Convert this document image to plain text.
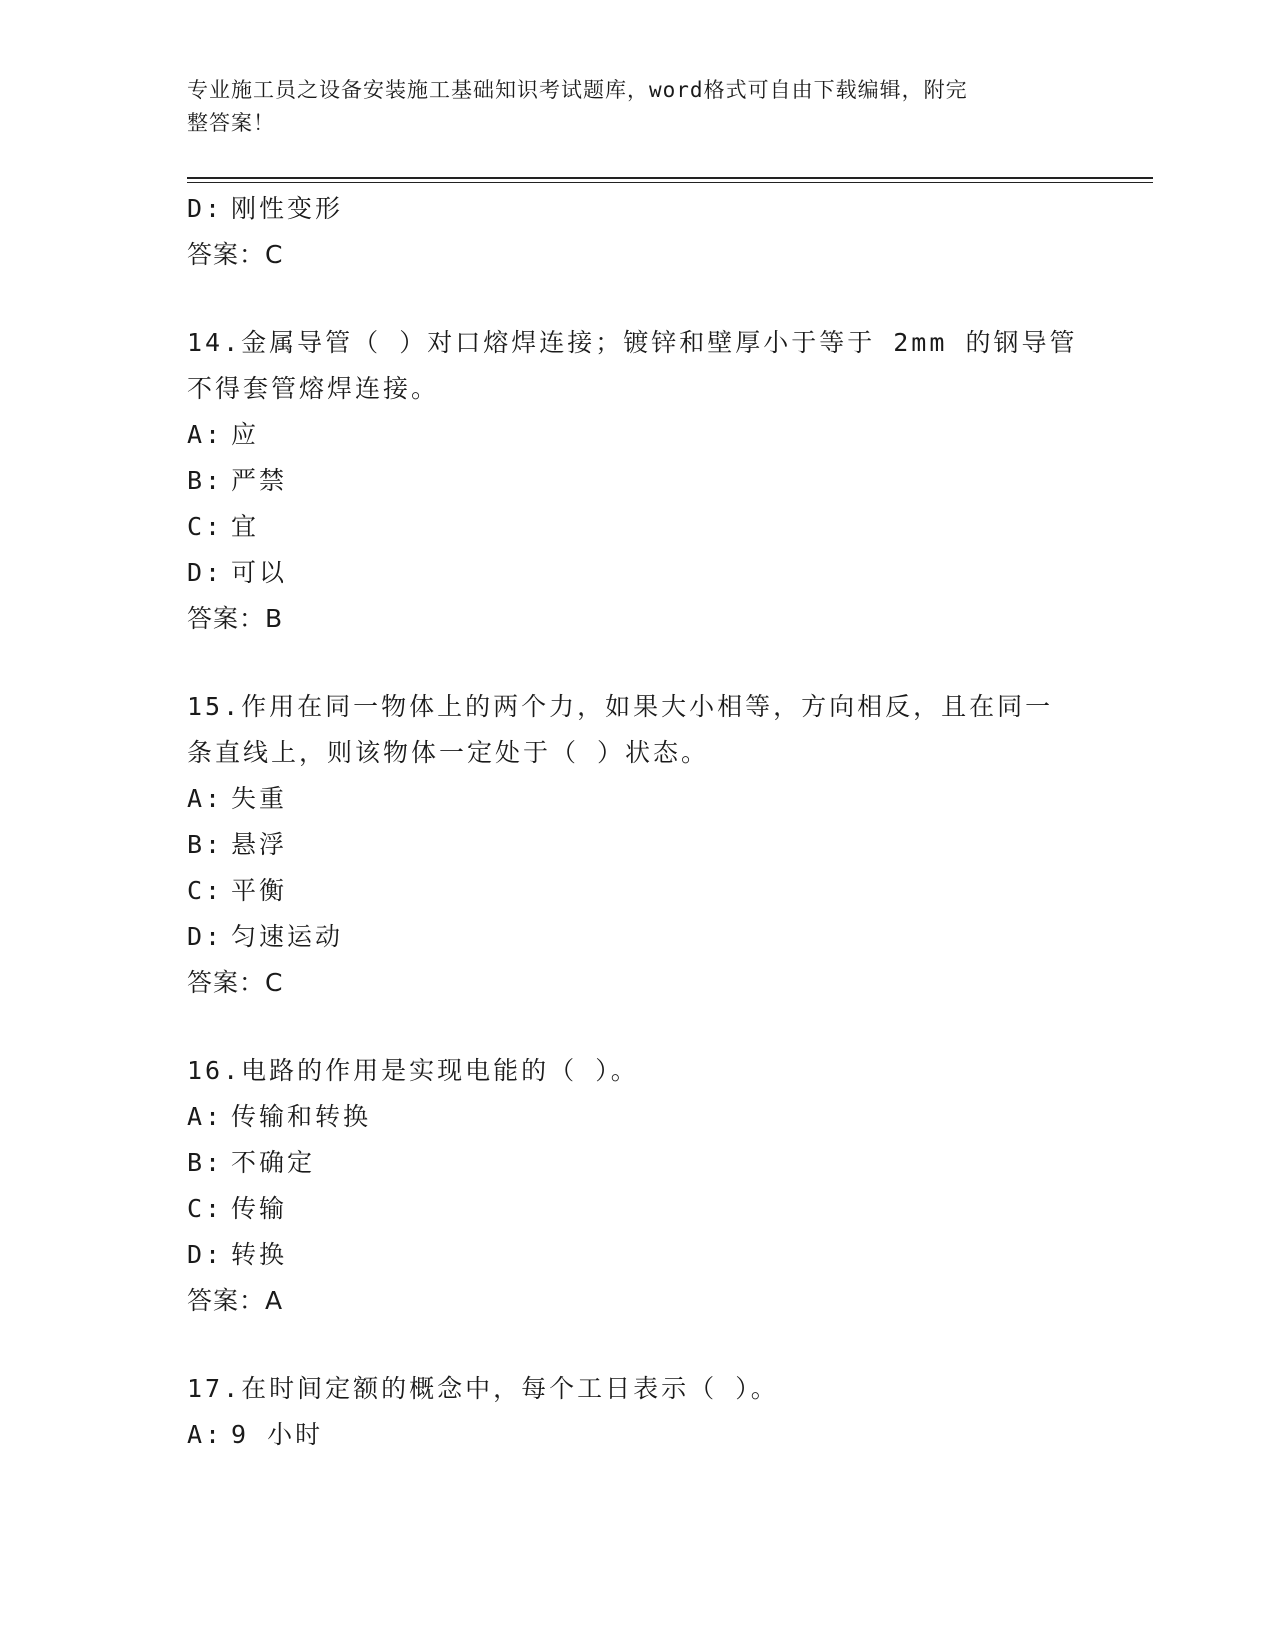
专业施工员之设备安装施工基础知识考试题库，word格式可自由下载编辑，附完
整答案！
D: 刚性变形
答案：C
14.金属导管（ ）对口熔焊连接；镀锌和壁厚小于等于 2mm 的钢导管
不得套管熔焊连接。
A: 应
B: 严禁
C: 宜
D: 可以
答案：B
15.作用在同一物体上的两个力，如果大小相等，方向相反，且在同一
条直线上，则该物体一定处于（ ）状态。
A: 失重
B: 悬浮
C: 平衡
D: 匀速运动
答案：C
16.电路的作用是实现电能的（ ）。
A: 传输和转换
B: 不确定
C: 传输
D: 转换
答案：A
17.在时间定额的概念中，每个工日表示（ ）。
A: 9 小时
